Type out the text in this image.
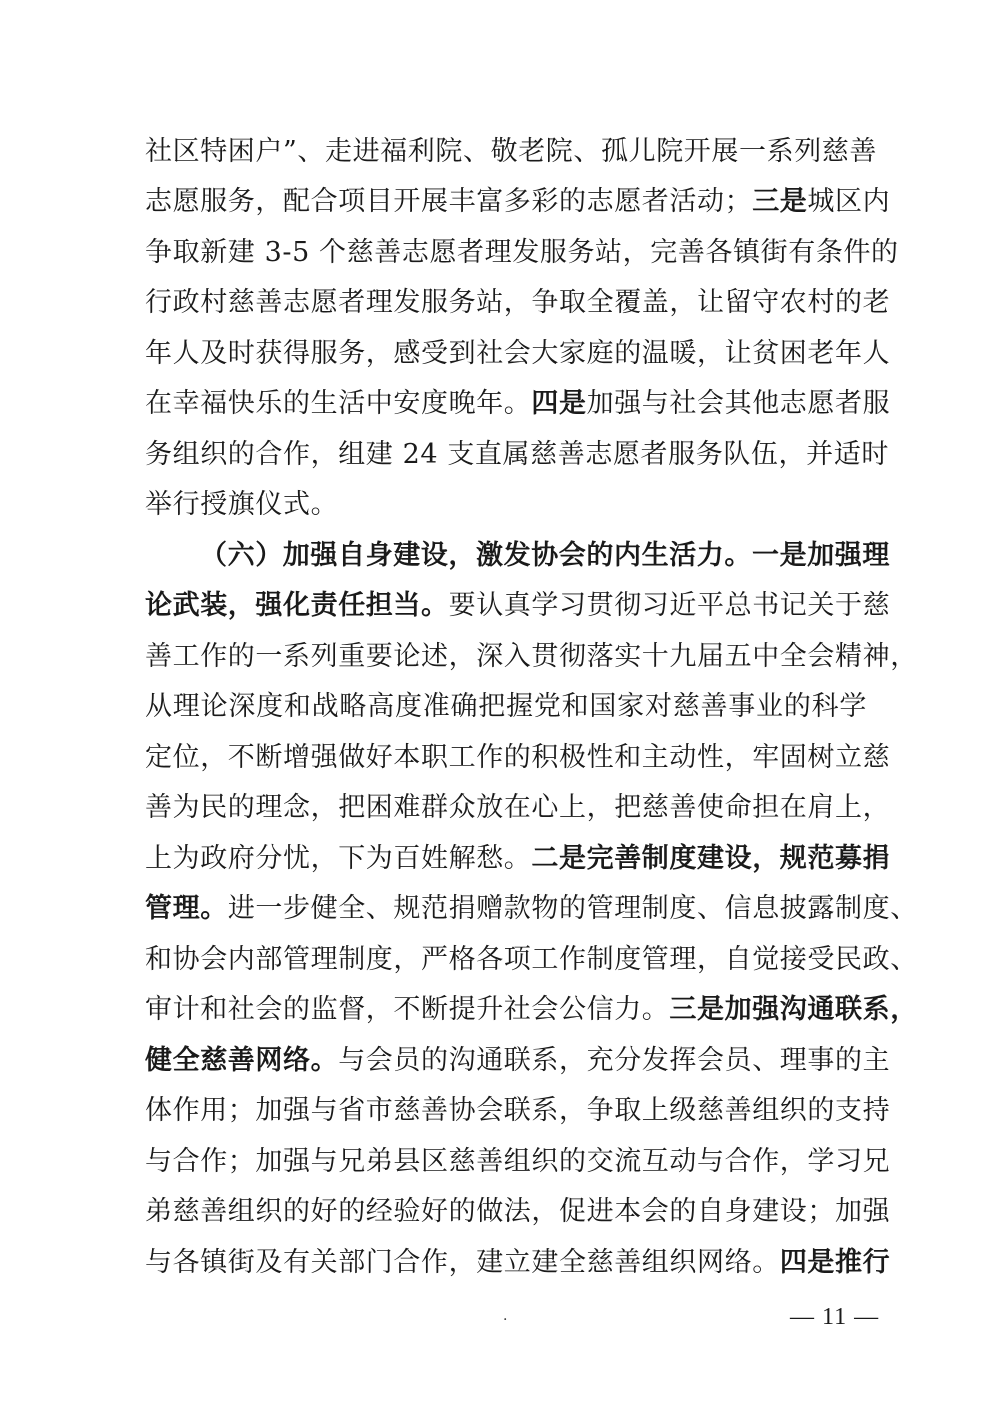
社区特困户”、走进福利院、敬老院、孤儿院开展一系列慈善
志愿服务，配合项目开展丰富多彩的志愿者活动；三是城区内
争取新建 3-5 个慈善志愿者理发服务站，完善各镇街有条件的
行政村慈善志愿者理发服务站，争取全覆盖，让留守农村的老
年人及时获得服务，感受到社会大家庭的温暖，让贫困老年人
在幸福快乐的生活中安度晚年。四是加强与社会其他志愿者服
务组织的合作，组建 24 支直属慈善志愿者服务队伍，并适时
举行授旗仪式。
（六）加强自身建设，激发协会的内生活力。一是加强理
论武装，强化责任担当。要认真学习贯彻习近平总书记关于慈
善工作的一系列重要论述，深入贯彻落实十九届五中全会精神，
从理论深度和战略高度准确把握党和国家对慈善事业的科学
定位，不断增强做好本职工作的积极性和主动性，牢固树立慈
善为民的理念，把困难群众放在心上，把慈善使命担在肩上，
上为政府分忧，下为百姓解愁。二是完善制度建设，规范募捐
管理。进一步健全、规范捐赠款物的管理制度、信息披露制度、
和协会内部管理制度，严格各项工作制度管理，自觉接受民政、
审计和社会的监督，不断提升社会公信力。三是加强沟通联系，
健全慈善网络。与会员的沟通联系，充分发挥会员、理事的主
体作用；加强与省市慈善协会联系，争取上级慈善组织的支持
与合作；加强与兄弟县区慈善组织的交流互动与合作，学习兄
弟慈善组织的好的经验好的做法，促进本会的自身建设；加强
与各镇街及有关部门合作，建立建全慈善组织网络。四是推行
·	— 11 —
